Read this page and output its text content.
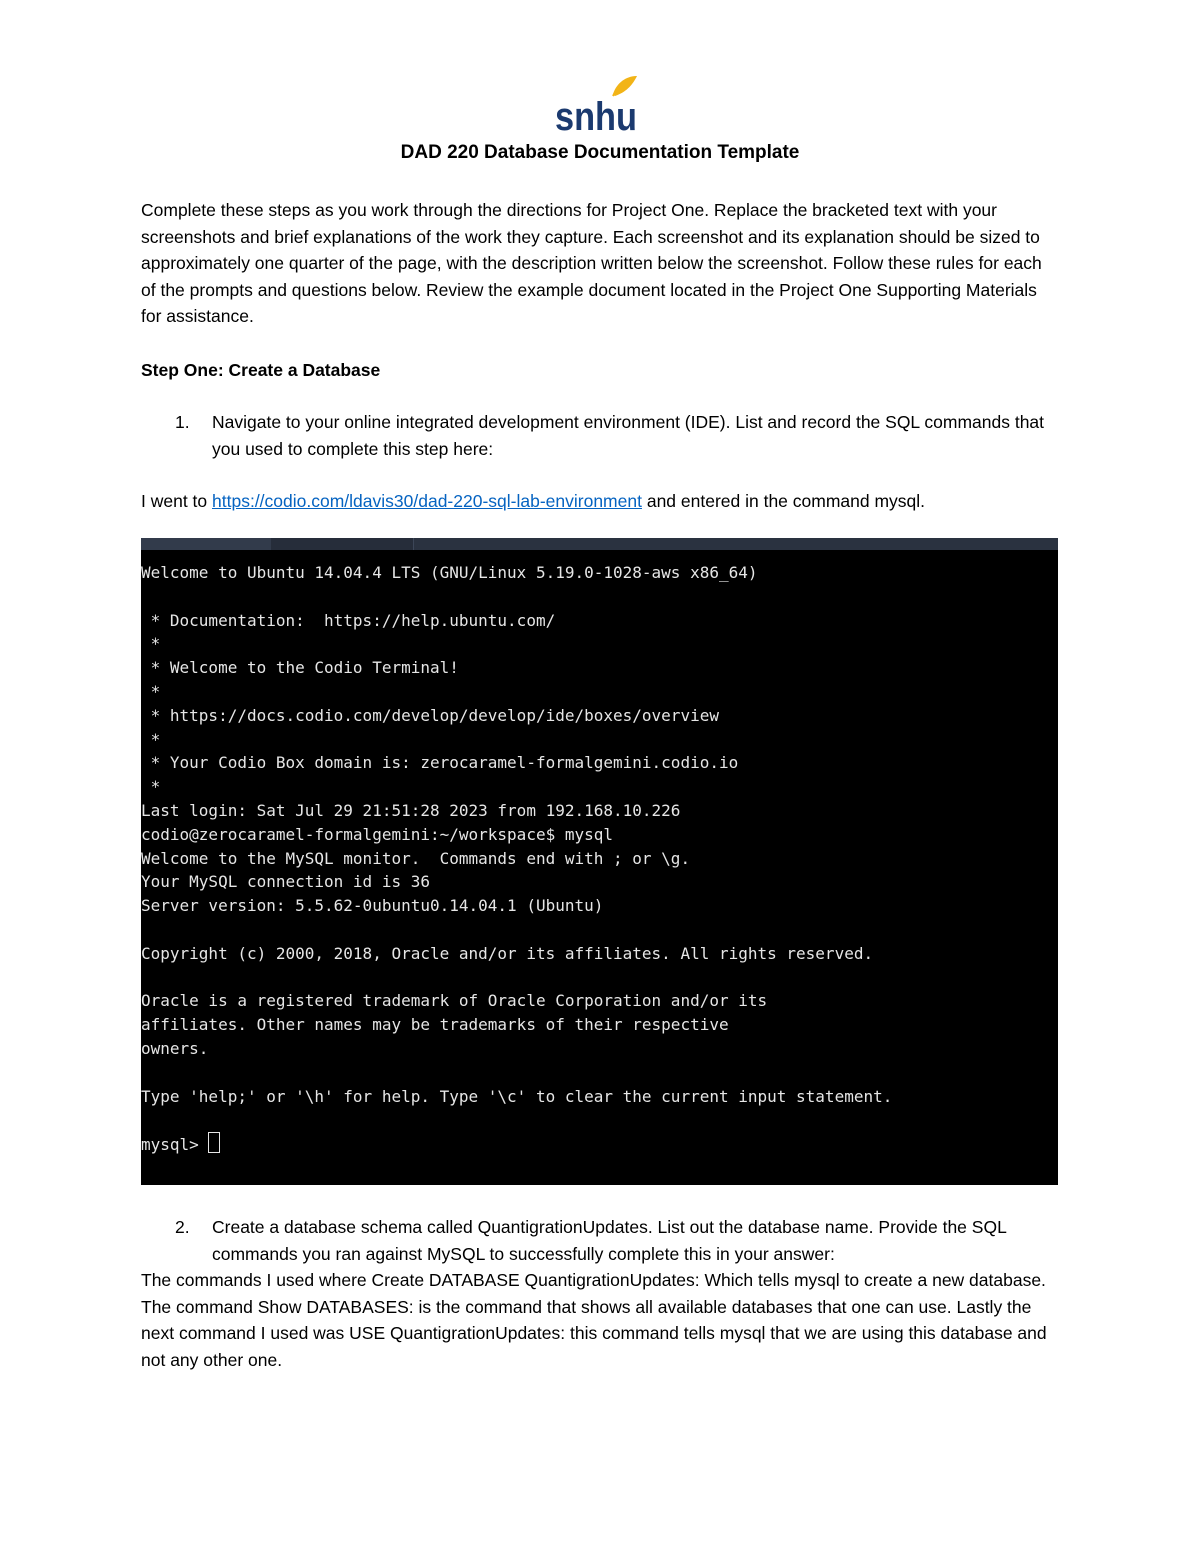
snhu
DAD 220 Database Documentation Template
Complete these steps as you work through the directions for Project One. Replace the bracketed text with your screenshots and brief explanations of the work they capture. Each screenshot and its explanation should be sized to approximately one quarter of the page, with the description written below the screenshot. Follow these rules for each of the prompts and questions below. Review the example document located in the Project One Supporting Materials for assistance.
Step One: Create a Database
1. Navigate to your online integrated development environment (IDE). List and record the SQL commands that you used to complete this step here:
I went to https://codio.com/ldavis30/dad-220-sql-lab-environment and entered in the command mysql.
Welcome to Ubuntu 14.04.4 LTS (GNU/Linux 5.19.0-1028-aws x86_64)

* Documentation:  https://help.ubuntu.com/
*
* Welcome to the Codio Terminal!
*
* https://docs.codio.com/develop/develop/ide/boxes/overview
*
* Your Codio Box domain is: zerocaramel-formalgemini.codio.io
*
Last login: Sat Jul 29 21:51:28 2023 from 192.168.10.226
codio@zerocaramel-formalgemini:~/workspace$ mysql
Welcome to the MySQL monitor.  Commands end with ; or \g.
Your MySQL connection id is 36
Server version: 5.5.62-0ubuntu0.14.04.1 (Ubuntu)

Copyright (c) 2000, 2018, Oracle and/or its affiliates. All rights reserved.

Oracle is a registered trademark of Oracle Corporation and/or its
affiliates. Other names may be trademarks of their respective
owners.

Type 'help;' or '\h' for help. Type '\c' to clear the current input statement.

mysql>
2. Create a database schema called QuantigrationUpdates. List out the database name. Provide the SQL commands you ran against MySQL to successfully complete this in your answer:
The commands I used where Create DATABASE QuantigrationUpdates: Which tells mysql to create a new database. The command Show DATABASES: is the command that shows all available databases that one can use. Lastly the next command I used was USE QuantigrationUpdates: this command tells mysql that we are using this database and not any other one.
